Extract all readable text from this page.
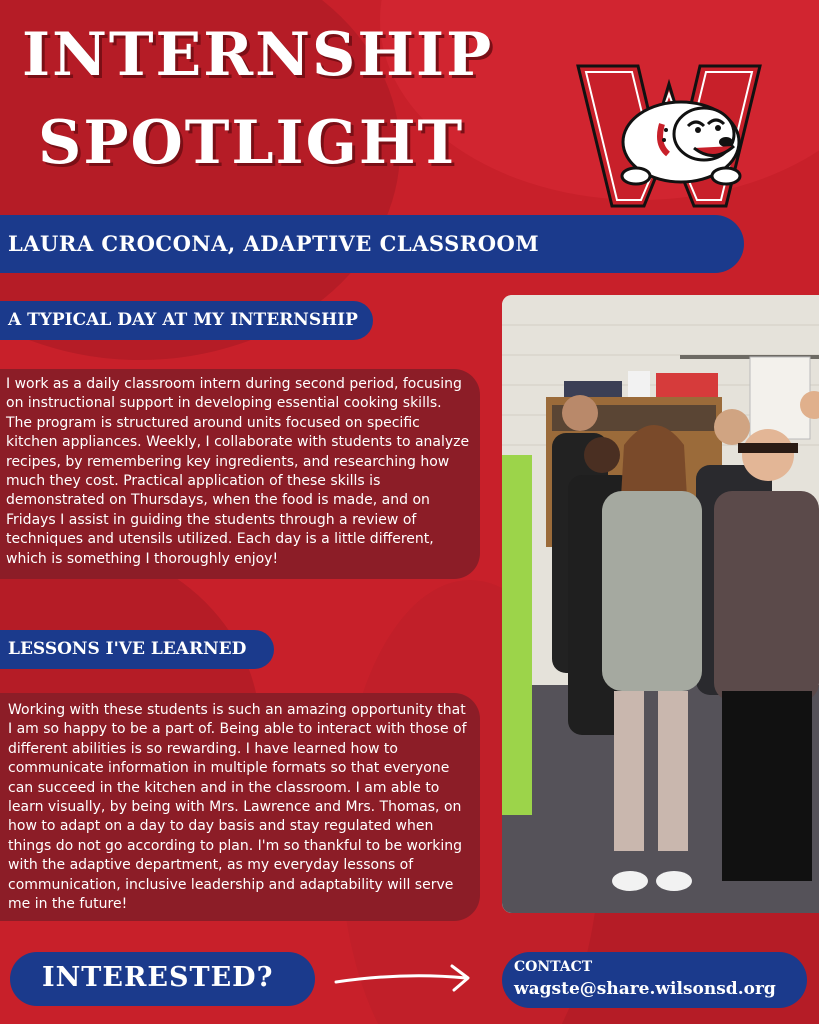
INTERNSHIP
SPOTLIGHT
LAURA CROCONA, ADAPTIVE CLASSROOM
A TYPICAL DAY AT MY INTERNSHIP
I work as a daily classroom intern during second period, focusing on instructional support in developing essential cooking skills. The program is structured around units focused on specific kitchen appliances. Weekly, I collaborate with students to analyze recipes, by remembering key ingredients, and researching how much they cost. Practical application of these skills is demonstrated on Thursdays, when the food is made, and on Fridays I assist in guiding the students through a review of techniques and utensils utilized. Each day is a little different, which is something I thoroughly enjoy!
LESSONS I'VE LEARNED
Working with these students is such an amazing opportunity that I am so happy to be a part of. Being able to interact with those of different abilities is so rewarding. I have learned how to communicate information in multiple formats so that everyone can succeed in the kitchen and in the classroom. I am able to learn visually, by being with Mrs. Lawrence and Mrs. Thomas, on how to adapt on a day to day basis and stay regulated when things do not go according to plan. I'm so thankful to be working with the adaptive department, as my everyday lessons of communication, inclusive leadership and adaptability will serve me in the future!
INTERESTED?	CONTACT
wagste@share.wilsonsd.org
